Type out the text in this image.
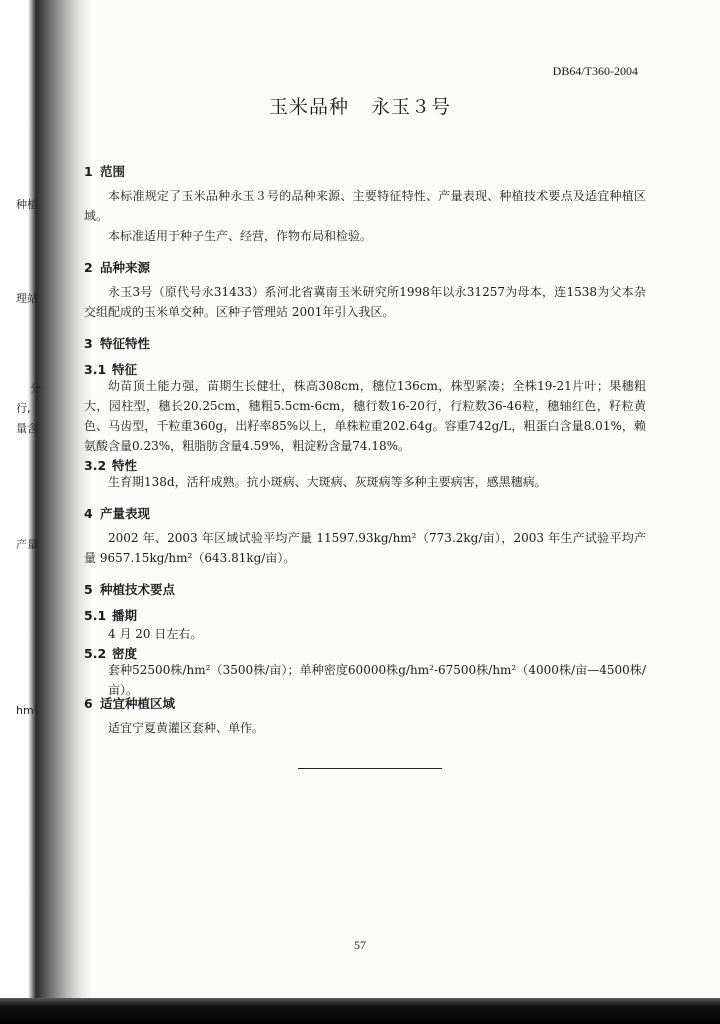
种植
理站
分
行,
量含
产量
hm²
DB64/T360-2004
玉米品种 永玉３号
1 范围
本标准规定了玉米品种永玉３号的品种来源、主要特征特性、产量表现、种植技术要点及适宜种植区域。
本标准适用于种子生产、经营，作物布局和检验。
2 品种来源
永玉3号（原代号永31433）系河北省冀南玉米研究所1998年以永31257为母本，连1538为父本杂交组配成的玉米单交种。区种子管理站 2001年引入我区。
3 特征特性
3.1 特征
幼苗顶土能力强，苗期生长健壮，株高308cm，穗位136cm，株型紧凑；全株19-21片叶；果穗粗大，园柱型，穗长20.25cm，穗粗5.5cm-6cm，穗行数16-20行，行粒数36-46粒，穗轴红色，籽粒黄色、马齿型，千粒重360g，出籽率85%以上，单株粒重202.64g。容重742g/L，粗蛋白含量8.01%，赖氨酸含量0.23%，粗脂肪含量4.59%，粗淀粉含量74.18%。
3.2 特性
生育期138d，活秆成熟。抗小斑病、大斑病、灰斑病等多种主要病害，感黑穗病。
4 产量表现
2002 年、2003 年区域试验平均产量 11597.93kg/hm²（773.2kg/亩），2003 年生产试验平均产量 9657.15kg/hm²（643.81kg/亩）。
5 种植技术要点
5.1 播期
4 月 20 日左右。
5.2 密度
套种52500株/hm²（3500株/亩）；单种密度60000株g/hm²-67500株/hm²（4000株/亩—4500株/亩）。
6 适宜种植区域
适宜宁夏黄灌区套种、单作。
57
